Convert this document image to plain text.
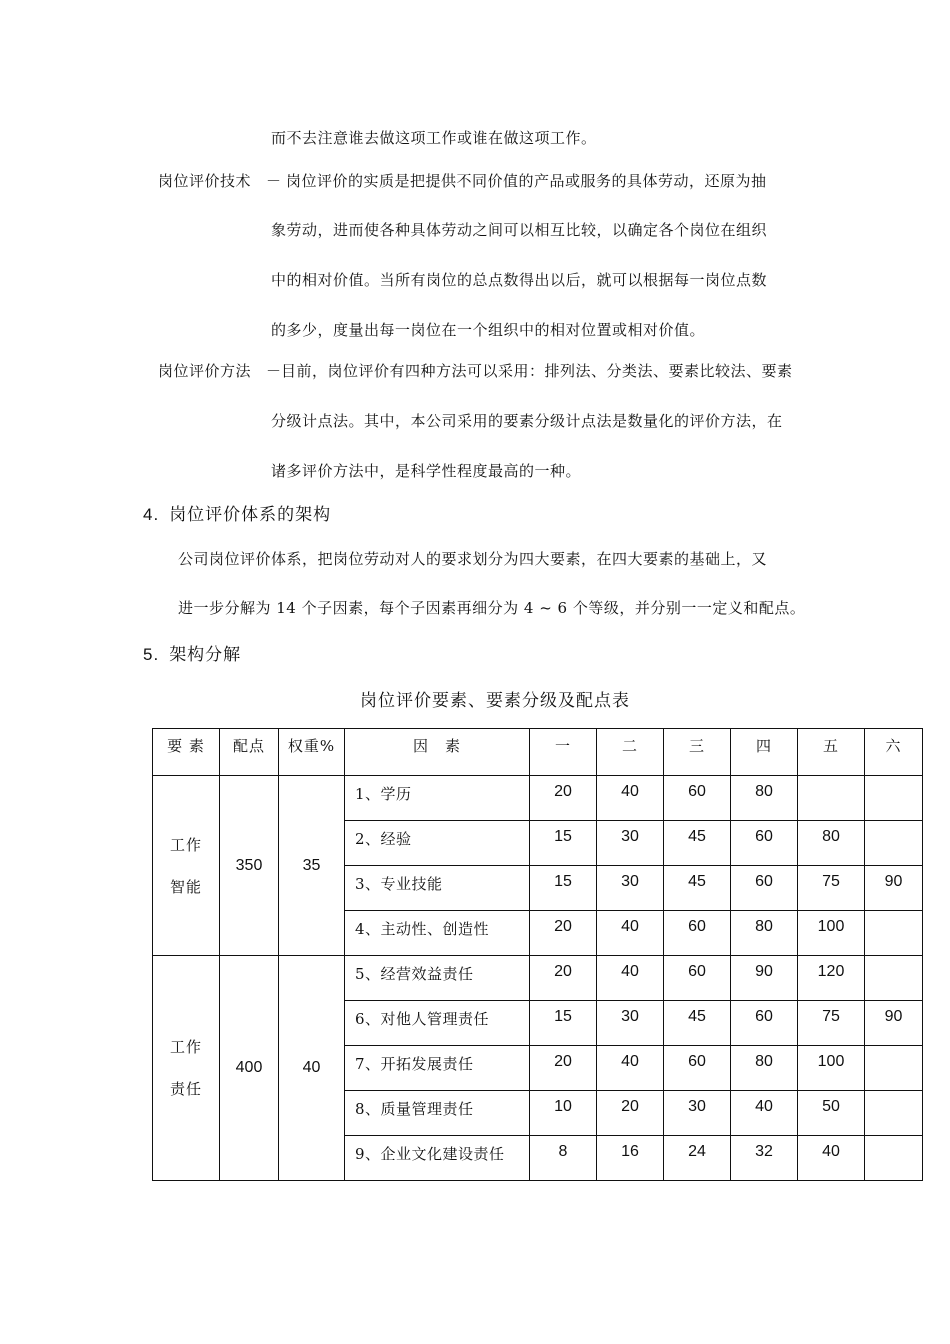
而不去注意谁去做这项工作或谁在做这项工作。
岗位评价技术 － 岗位评价的实质是把提供不同价值的产品或服务的具体劳动，还原为抽
象劳动，进而使各种具体劳动之间可以相互比较，以确定各个岗位在组织
中的相对价值。当所有岗位的总点数得出以后，就可以根据每一岗位点数
的多少，度量出每一岗位在一个组织中的相对位置或相对价值。
岗位评价方法 － 目前，岗位评价有四种方法可以采用：排列法、分类法、要素比较法、要素
分级计点法。其中，本公司采用的要素分级计点法是数量化的评价方法，在
诸多评价方法中，是科学性程度最高的一种。
4. 岗位评价体系的架构
公司岗位评价体系，把岗位劳动对人的要求划分为四大要素，在四大要素的基础上，又
进一步分解为 14 个子因素，每个子因素再细分为 4 ~ 6 个等级，并分别一一定义和配点。
5. 架构分解
岗位评价要素、要素分级及配点表
要 素	配点	权重%	因　素	一	二	三	四	五	六

工作
智能	350	35	1、学历	20	40	60	80		
			2、经验	15	30	45	60	80	
			3、专业技能	15	30	45	60	75	90
			4、主动性、创造性	20	40	60	80	100	

工作
责任	400	40	5、经营效益责任	20	40	60	90	120	
			6、对他人管理责任	15	30	45	60	75	90
			7、开拓发展责任	20	40	60	80	100	
			8、质量管理责任	10	20	30	40	50	
			9、企业文化建设责任	8	16	24	32	40	
